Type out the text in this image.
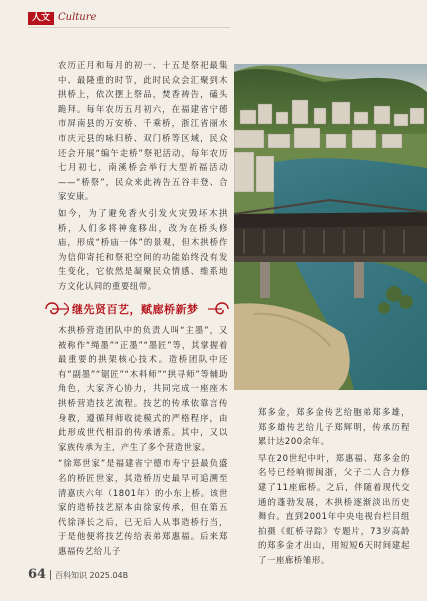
人文 Culture

农历正月和每月的初一、十五是祭祀最集中、最隆重的时节，此时民众会汇聚到木拱桥上，依次摆上祭品，焚香祷告，磕头跪拜。每年农历五月初六，在福建省宁德市屏南县的万安桥、千乘桥，浙江省丽水市庆元县的咏归桥、双门桥等区域，民众还会开展“编午走桥”祭祀活动，每年农历七月初七，南溪桥会举行大型祈福活动——“桥祭”，民众来此祷告五谷丰登、合家安康。

如今，为了避免香火引发火灾毁坏木拱桥，人们多将神龛移出，改为在桥头修庙，形成“桥庙一体”的景观，但木拱桥作为信仰寄托和祭祀空间的功能始终没有发生变化，它依然是凝聚民众情感、维系地方文化认同的重要纽带。

继先贤百艺，赋廊桥新梦

木拱桥营造团队中的负责人叫“主墨”，又被称作“绳墨”“正墨”“墨匠”等，其掌握着最重要的拱架核心技术。造桥团队中还有“副墨”“锯匠”“木料师”“拱寻师”等辅助角色，大家齐心协力，共同完成一座座木拱桥营造技艺流程。技艺的传承依靠言传身教，遵循拜师收徒模式的严格程序，由此形成世代相沿的传承谱系。其中，又以家族传承为主，产生了多个营造世家。

“徐郑世家”是福建省宁德市寿宁县最负盛名的桥匠世家，其造桥历史最早可追溯至清嘉庆六年（1801年）的小东上桥。该世家的造桥技艺原本由徐家传承，但在第五代徐泽长之后，已无后人从事造桥行当，于是他便将技艺传给表弟郑惠福。后来郑惠福传艺给儿子

郑多金，郑多金传艺给胞弟郑多雄，郑多雄传艺给儿子郑辉明，传承历程累计达200余年。

早在20世纪中叶，郑惠福、郑多金的名号已经响彻闽浙，父子二人合力修建了11座廊桥。之后，伴随着现代交通的蓬勃发展，木拱桥逐渐淡出历史舞台。直到2001年中央电视台栏目组拍摄《虹桥寻踪》专题片，73岁高龄的郑多金才出山，用短短6天时间建起了一座廊桥雏形。

64 百科知识 2025.04B
